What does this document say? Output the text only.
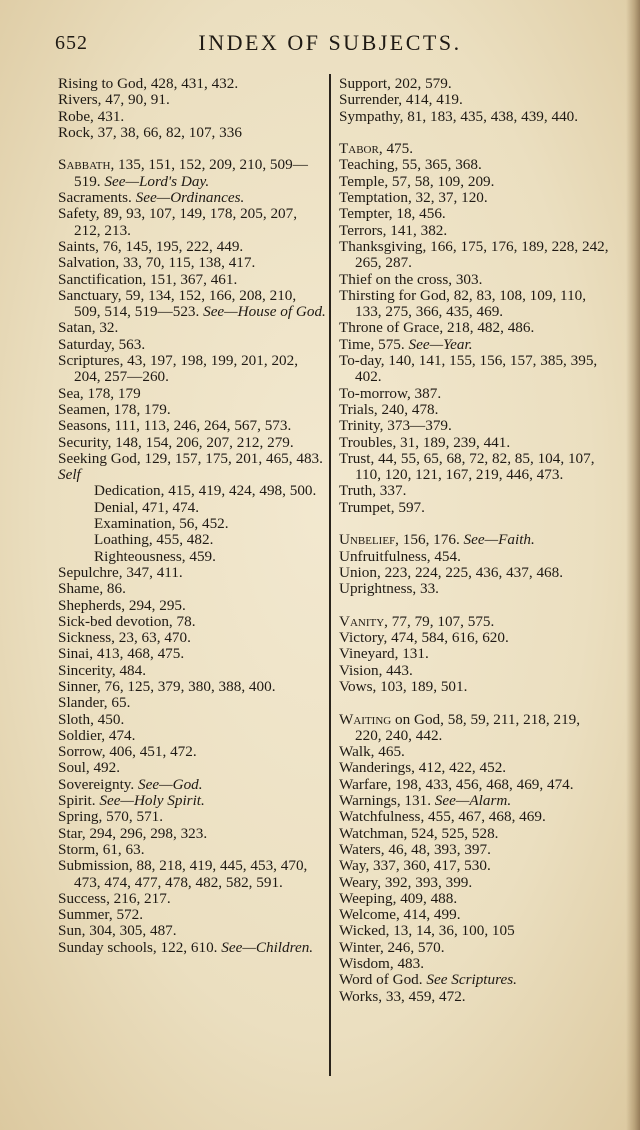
652	INDEX OF SUBJECTS.
Rising to God, 428, 431, 432.
Rivers, 47, 90, 91.
Robe, 431.
Rock, 37, 38, 66, 82, 107, 336
Sabbath, 135, 151, 152, 209, 210, 509—519. See—Lord's Day.
Sacraments. See—Ordinances.
Safety, 89, 93, 107, 149, 178, 205, 207, 212, 213.
Saints, 76, 145, 195, 222, 449.
Salvation, 33, 70, 115, 138, 417.
Sanctification, 151, 367, 461.
Sanctuary, 59, 134, 152, 166, 208, 210, 509, 514, 519—523. See—House of God.
Satan, 32.
Saturday, 563.
Scriptures, 43, 197, 198, 199, 201, 202, 204, 257—260.
Sea, 178, 179
Seamen, 178, 179.
Seasons, 111, 113, 246, 264, 567, 573.
Security, 148, 154, 206, 207, 212, 279.
Seeking God, 129, 157, 175, 201, 465, 483.
Self
Dedication, 415, 419, 424, 498, 500.
Denial, 471, 474.
Examination, 56, 452.
Loathing, 455, 482.
Righteousness, 459.
Sepulchre, 347, 411.
Shame, 86.
Shepherds, 294, 295.
Sick-bed devotion, 78.
Sickness, 23, 63, 470.
Sinai, 413, 468, 475.
Sincerity, 484.
Sinner, 76, 125, 379, 380, 388, 400.
Slander, 65.
Sloth, 450.
Soldier, 474.
Sorrow, 406, 451, 472.
Soul, 492.
Sovereignty. See—God.
Spirit. See—Holy Spirit.
Spring, 570, 571.
Star, 294, 296, 298, 323.
Storm, 61, 63.
Submission, 88, 218, 419, 445, 453, 470, 473, 474, 477, 478, 482, 582, 591.
Success, 216, 217.
Summer, 572.
Sun, 304, 305, 487.
Sunday schools, 122, 610. See—Children.
Support, 202, 579.
Surrender, 414, 419.
Sympathy, 81, 183, 435, 438, 439, 440.
Tabor, 475.
Teaching, 55, 365, 368.
Temple, 57, 58, 109, 209.
Temptation, 32, 37, 120.
Tempter, 18, 456.
Terrors, 141, 382.
Thanksgiving, 166, 175, 176, 189, 228, 242, 265, 287.
Thief on the cross, 303.
Thirsting for God, 82, 83, 108, 109, 110, 133, 275, 366, 435, 469.
Throne of Grace, 218, 482, 486.
Time, 575. See—Year.
To-day, 140, 141, 155, 156, 157, 385, 395, 402.
To-morrow, 387.
Trials, 240, 478.
Trinity, 373—379.
Troubles, 31, 189, 239, 441.
Trust, 44, 55, 65, 68, 72, 82, 85, 104, 107, 110, 120, 121, 167, 219, 446, 473.
Truth, 337.
Trumpet, 597.
Unbelief, 156, 176. See—Faith.
Unfruitfulness, 454.
Union, 223, 224, 225, 436, 437, 468.
Uprightness, 33.
Vanity, 77, 79, 107, 575.
Victory, 474, 584, 616, 620.
Vineyard, 131.
Vision, 443.
Vows, 103, 189, 501.
Waiting on God, 58, 59, 211, 218, 219, 220, 240, 442.
Walk, 465.
Wanderings, 412, 422, 452.
Warfare, 198, 433, 456, 468, 469, 474.
Warnings, 131. See—Alarm.
Watchfulness, 455, 467, 468, 469.
Watchman, 524, 525, 528.
Waters, 46, 48, 393, 397.
Way, 337, 360, 417, 530.
Weary, 392, 393, 399.
Weeping, 409, 488.
Welcome, 414, 499.
Wicked, 13, 14, 36, 100, 105
Winter, 246, 570.
Wisdom, 483.
Word of God. See Scriptures.
Works, 33, 459, 472.
